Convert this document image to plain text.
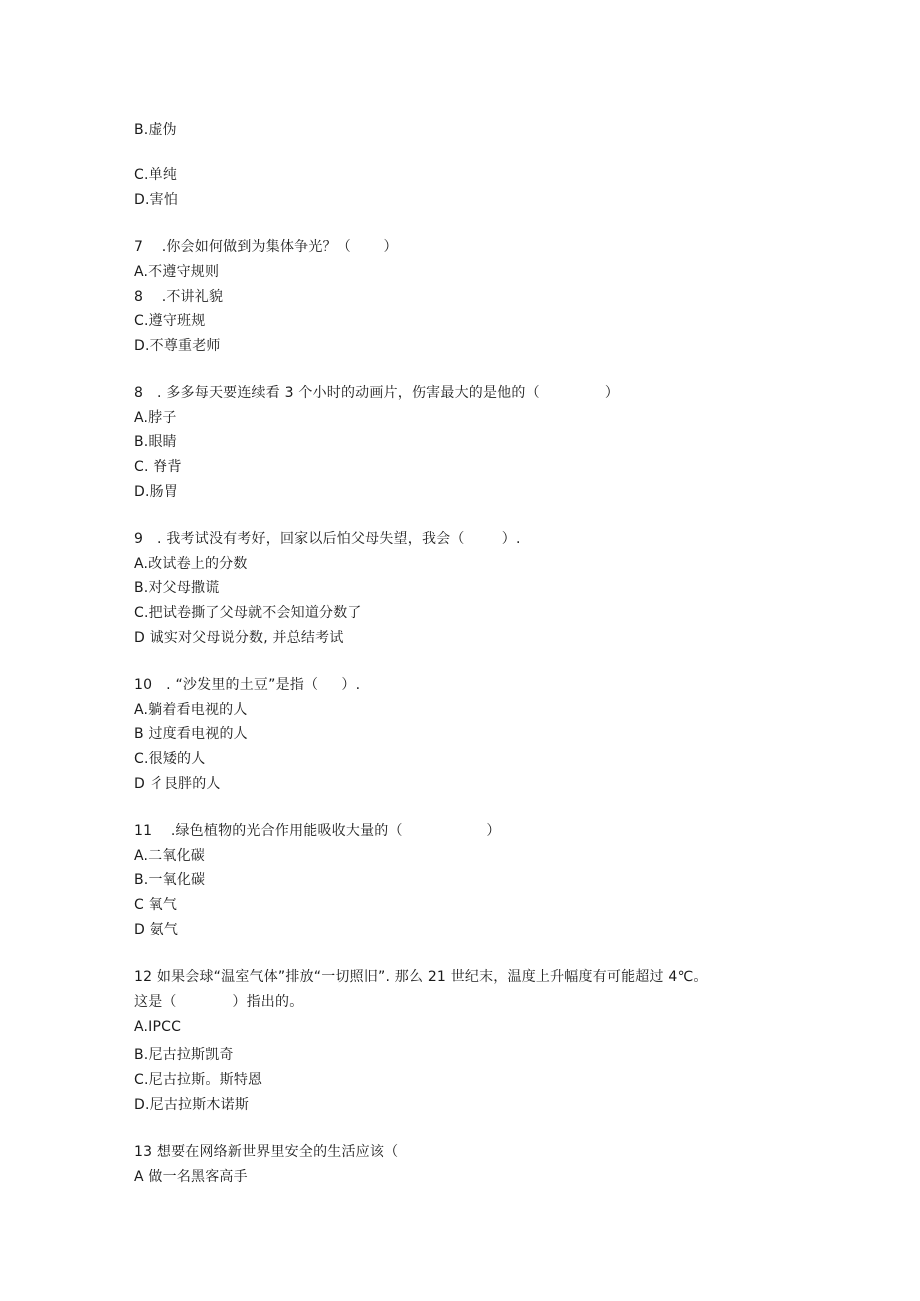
B.虚伪
C.单纯
D.害怕
7    .你会如何做到为集体争光？（       ）
A.不遵守规则
8    .不讲礼貌
C.遵守班规
D.不尊重老师
8   . 多多每天要连续看 3 个小时的动画片，伤害最大的是他的（              ）
A.脖子
B.眼睛
C. 脊背
D.肠胃
9   . 我考试没有考好，回家以后怕父母失望，我会（        ）.
A.改试卷上的分数
B.对父母撒谎
C.把试卷撕了父母就不会知道分数了
D 诚实对父母说分数, 并总结考试
10   . “沙发里的土豆”是指（     ）.
A.躺着看电视的人
B 过度看电视的人
C.很矮的人
D 彳艮胖的人
11    .绿色植物的光合作用能吸收大量的（                  ）
A.二氧化碳
B.一氧化碳
C 氧气
D 氨气
12 如果会球“温室气体”排放“一切照旧”. 那么 21 世纪末，温度上升幅度有可能超过 4℃。
这是（            ）指出的。
A.IPCC
B.尼古拉斯凯奇
C.尼古拉斯。斯特恩
D.尼古拉斯木诺斯
13 想要在网络新世界里安全的生活应该（
A 做一名黑客高手
